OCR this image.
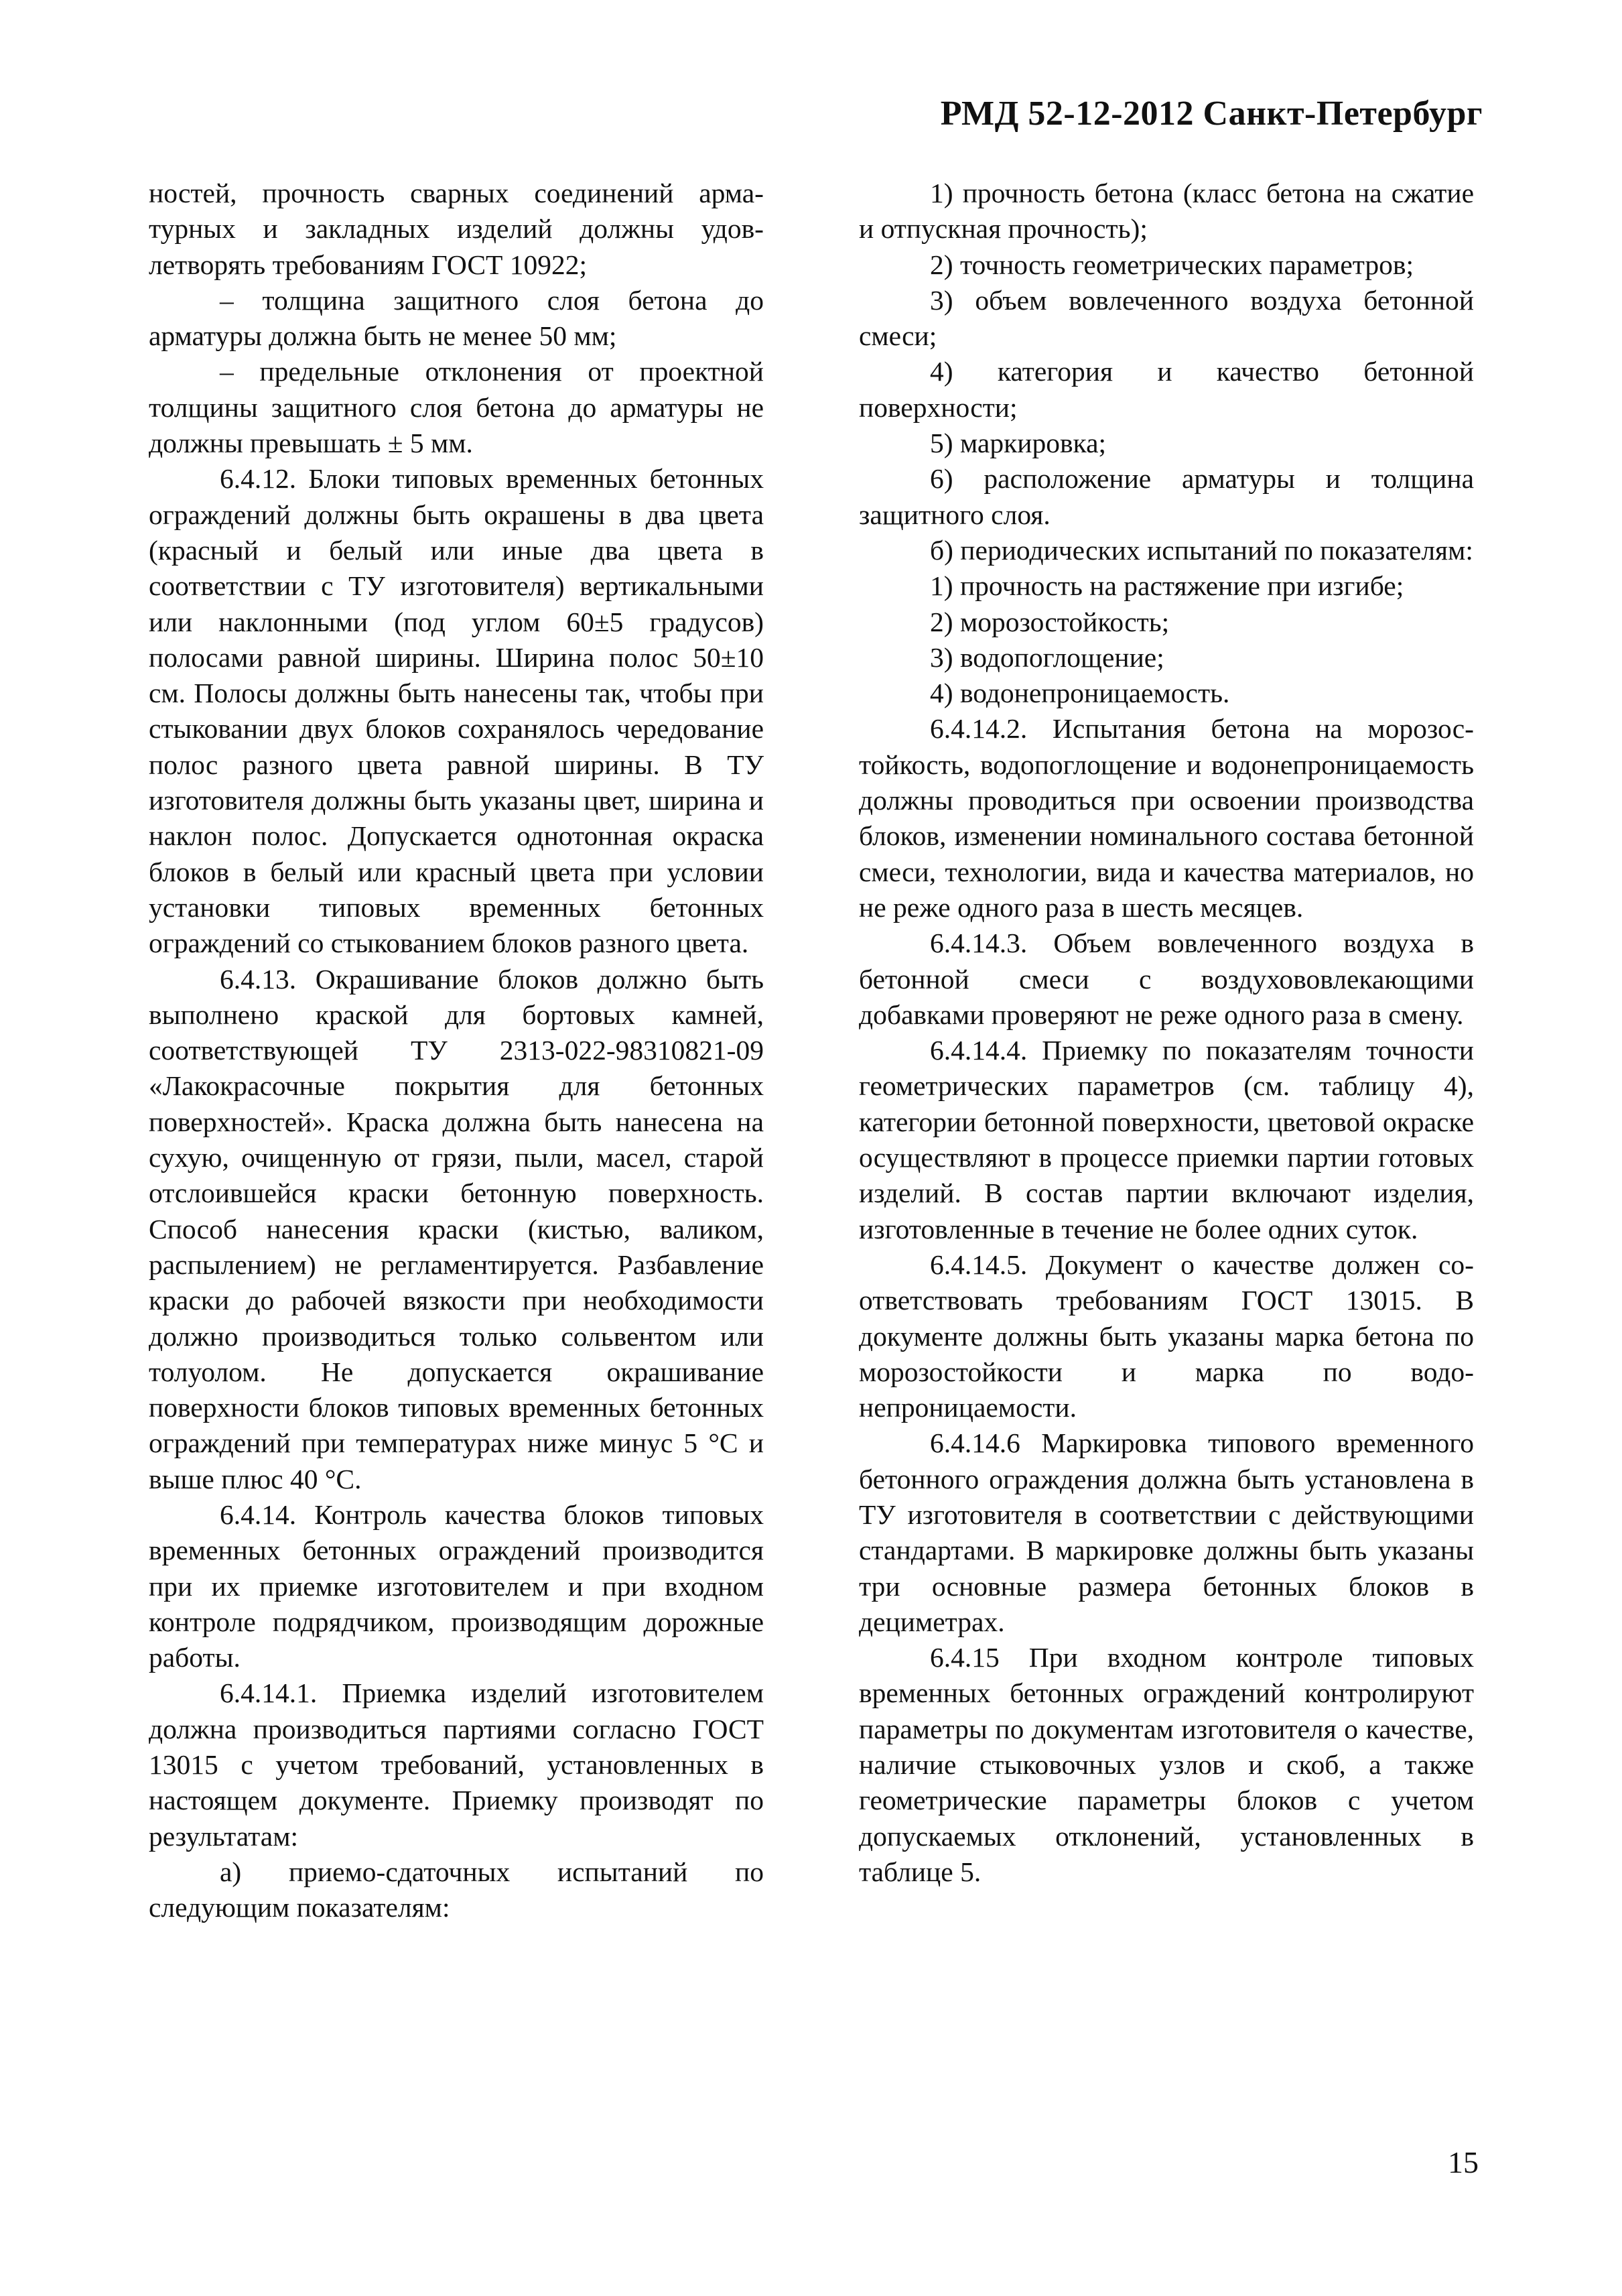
РМД 52-12-2012 Санкт-Петербург

ностей, прочность сварных соединений арматурных и закладных изделий должны удовлетворять требованиям ГОСТ 10922;

– толщина защитного слоя бетона до арматуры должна быть не менее 50 мм;

– предельные отклонения от проектной толщины защитного слоя бетона до арматуры не должны превышать ± 5 мм.

6.4.12. Блоки типовых временных бетонных ограждений должны быть окрашены в два цвета (красный и белый или иные два цвета в соответствии с ТУ изготовителя) вертикальными или наклонными (под углом 60±5 градусов) полосами равной ширины. Ширина полос 50±10 см. Полосы должны быть нанесены так, чтобы при стыковании двух блоков сохранялось чередование полос разного цвета равной ширины. В ТУ изготовителя должны быть указаны цвет, ширина и наклон полос. Допускается однотонная окраска блоков в белый или красный цвета при условии установки типовых временных бетонных ограждений со стыкованием блоков разного цвета.

6.4.13. Окрашивание блоков должно быть выполнено краской для бортовых камней, соответствующей ТУ 2313-022-98310821-09 «Лакокрасочные покрытия для бетонных поверхностей». Краска должна быть нанесена на сухую, очищенную от грязи, пыли, масел, старой отслоившейся краски бетонную поверхность. Способ нанесения краски (кистью, валиком, распылением) не регламентируется. Разбавление краски до рабочей вязкости при необходимости должно производиться только сольвентом или толуолом. Не допускается окрашивание поверхности блоков типовых временных бетонных ограждений при температурах ниже минус 5 °С и выше плюс 40 °С.

6.4.14. Контроль качества блоков типовых временных бетонных ограждений производится при их приемке изготовителем и при входном контроле подрядчиком, производящим дорожные работы.

6.4.14.1. Приемка изделий изготовителем должна производиться партиями согласно ГОСТ 13015 с учетом требований, установленных в настоящем документе. Приемку производят по результатам:

а) приемо-сдаточных испытаний по следующим показателям:

1) прочность бетона (класс бетона на сжатие и отпускная прочность);

2) точность геометрических параметров;

3) объем вовлеченного воздуха бетонной смеси;

4) категория и качество бетонной поверхности;

5) маркировка;

6) расположение арматуры и толщина защитного слоя.

б) периодических испытаний по показателям:

1) прочность на растяжение при изгибе;

2) морозостойкость;

3) водопоглощение;

4) водонепроницаемость.

6.4.14.2. Испытания бетона на морозостойкость, водопоглощение и водонепроницаемость должны проводиться при освоении производства блоков, изменении номинального состава бетонной смеси, технологии, вида и качества материалов, но не реже одного раза в шесть месяцев.

6.4.14.3. Объем вовлеченного воздуха в бетонной смеси с воздухововлекающими добавками проверяют не реже одного раза в смену.

6.4.14.4. Приемку по показателям точности геометрических параметров (см. таблицу 4), категории бетонной поверхности, цветовой окраске осуществляют в процессе приемки партии готовых изделий. В состав партии включают изделия, изготовленные в течение не более одних суток.

6.4.14.5. Документ о качестве должен соответствовать требованиям ГОСТ 13015. В документе должны быть указаны марка бетона по морозостойкости и марка по водонепроницаемости.

6.4.14.6 Маркировка типового временного бетонного ограждения должна быть установлена в ТУ изготовителя в соответствии с действующими стандартами. В маркировке должны быть указаны три основные размера бетонных блоков в дециметрах.

6.4.15 При входном контроле типовых временных бетонных ограждений контролируют параметры по документам изготовителя о качестве, наличие стыковочных узлов и скоб, а также геометрические параметры блоков с учетом допускаемых отклонений, установленных в таблице 5.

15
